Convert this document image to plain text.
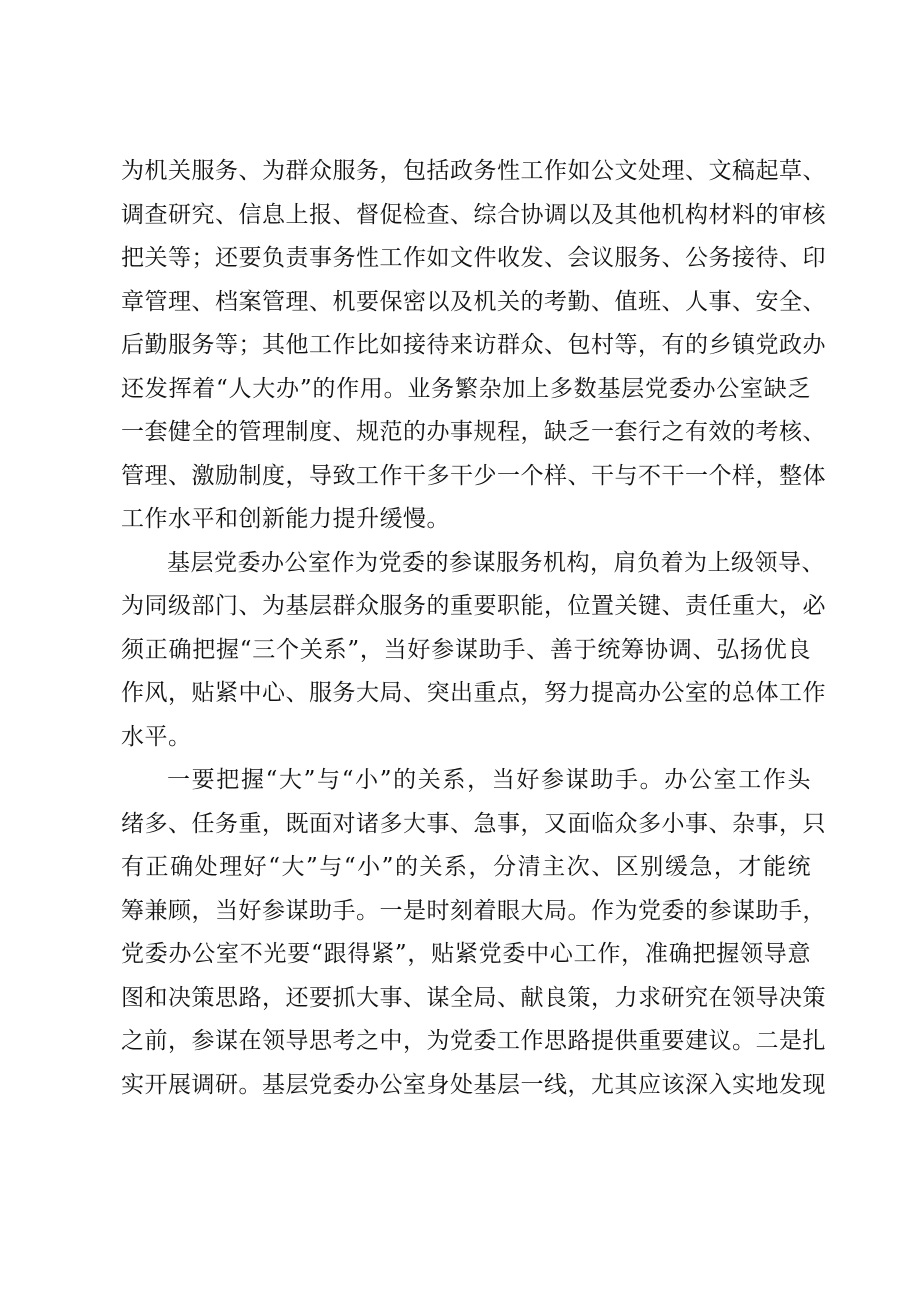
为机关服务、为群众服务，包括政务性工作如公文处理、文稿起草、
调查研究、信息上报、督促检查、综合协调以及其他机构材料的审核
把关等；还要负责事务性工作如文件收发、会议服务、公务接待、印
章管理、档案管理、机要保密以及机关的考勤、值班、人事、安全、
后勤服务等；其他工作比如接待来访群众、包村等，有的乡镇党政办
还发挥着“人大办”的作用。业务繁杂加上多数基层党委办公室缺乏
一套健全的管理制度、规范的办事规程，缺乏一套行之有效的考核、
管理、激励制度，导致工作干多干少一个样、干与不干一个样，整体
工作水平和创新能力提升缓慢。
基层党委办公室作为党委的参谋服务机构，肩负着为上级领导、
为同级部门、为基层群众服务的重要职能，位置关键、责任重大，必
须正确把握“三个关系”，当好参谋助手、善于统筹协调、弘扬优良
作风，贴紧中心、服务大局、突出重点，努力提高办公室的总体工作
水平。
一要把握“大”与“小”的关系，当好参谋助手。办公室工作头
绪多、任务重，既面对诸多大事、急事，又面临众多小事、杂事，只
有正确处理好“大”与“小”的关系，分清主次、区别缓急，才能统
筹兼顾，当好参谋助手。一是时刻着眼大局。作为党委的参谋助手，
党委办公室不光要“跟得紧”，贴紧党委中心工作，准确把握领导意
图和决策思路，还要抓大事、谋全局、献良策，力求研究在领导决策
之前，参谋在领导思考之中，为党委工作思路提供重要建议。二是扎
实开展调研。基层党委办公室身处基层一线，尤其应该深入实地发现
